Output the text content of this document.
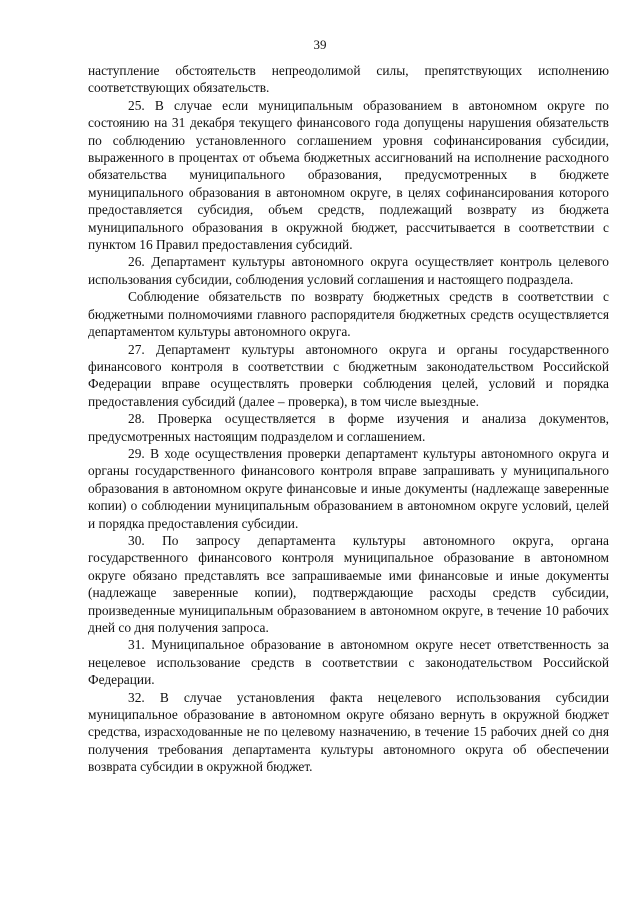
39

наступление обстоятельств непреодолимой силы, препятствующих исполнению соответствующих обязательств.

25. В случае если муниципальным образованием в автономном округе по состоянию на 31 декабря текущего финансового года допущены нарушения обязательств по соблюдению установленного соглашением уровня софинансирования субсидии, выраженного в процентах от объема бюджетных ассигнований на исполнение расходного обязательства муниципального образования, предусмотренных в бюджете муниципального образования в автономном округе, в целях софинансирования которого предоставляется субсидия, объем средств, подлежащий возврату из бюджета муниципального образования в окружной бюджет, рассчитывается в соответствии с пунктом 16 Правил предоставления субсидий.

26. Департамент культуры автономного округа осуществляет контроль целевого использования субсидии, соблюдения условий соглашения и настоящего подраздела.

Соблюдение обязательств по возврату бюджетных средств в соответствии с бюджетными полномочиями главного распорядителя бюджетных средств осуществляется департаментом культуры автономного округа.

27. Департамент культуры автономного округа и органы государственного финансового контроля в соответствии с бюджетным законодательством Российской Федерации вправе осуществлять проверки соблюдения целей, условий и порядка предоставления субсидий (далее – проверка), в том числе выездные.

28. Проверка осуществляется в форме изучения и анализа документов, предусмотренных настоящим подразделом и соглашением.

29. В ходе осуществления проверки департамент культуры автономного округа и органы государственного финансового контроля вправе запрашивать у муниципального образования в автономном округе финансовые и иные документы (надлежаще заверенные копии) о соблюдении муниципальным образованием в автономном округе условий, целей и порядка предоставления субсидии.

30. По запросу департамента культуры автономного округа, органа государственного финансового контроля муниципальное образование в автономном округе обязано представлять все запрашиваемые ими финансовые и иные документы (надлежаще заверенные копии), подтверждающие расходы средств субсидии, произведенные муниципальным образованием в автономном округе, в течение 10 рабочих дней со дня получения запроса.

31. Муниципальное образование в автономном округе несет ответственность за нецелевое использование средств в соответствии с законодательством Российской Федерации.

32. В случае установления факта нецелевого использования субсидии муниципальное образование в автономном округе обязано вернуть в окружной бюджет средства, израсходованные не по целевому назначению, в течение 15 рабочих дней со дня получения требования департамента культуры автономного округа об обеспечении возврата субсидии в окружной бюджет.
